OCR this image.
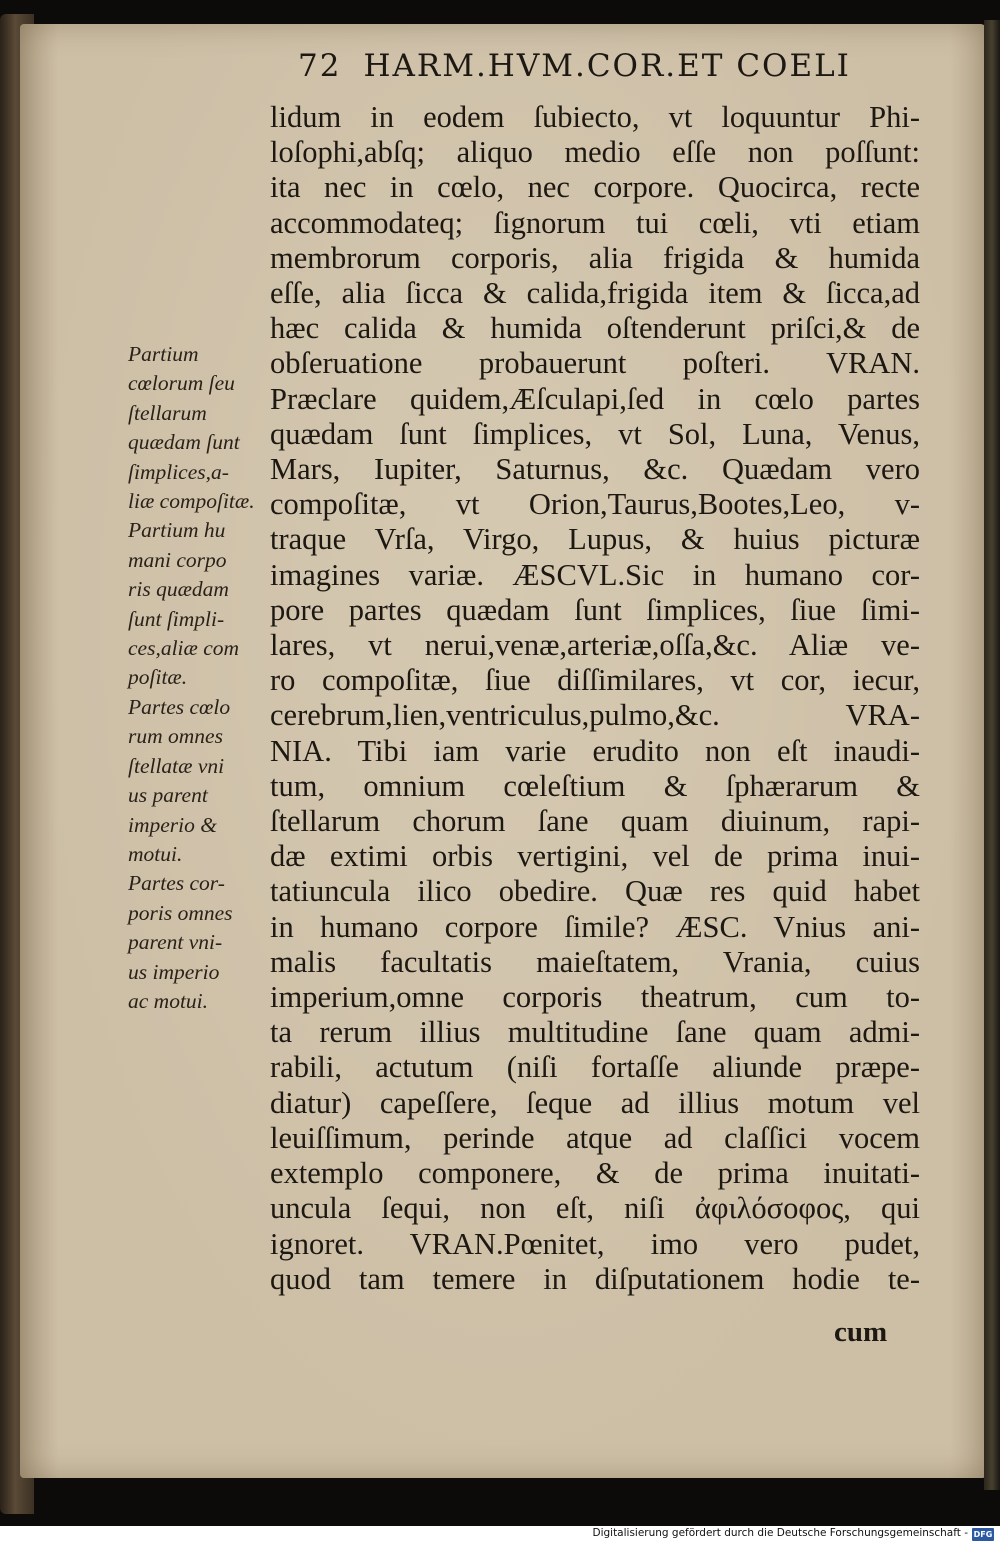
72 HARM.HVM.COR.ET COELI
Partium
cœlorum ſeu
ſtellarum
quædam ſunt
ſimplices,a-
liæ compoſitæ.
Partium hu
mani corpo
ris quædam
ſunt ſimpli-
ces,aliæ com
poſitæ.
Partes cœlo
rum omnes
ſtellatæ vni
us parent
imperio &
motui.
Partes cor-
poris omnes
parent vni-
us imperio
ac motui.
lidum in eodem ſubiecto, vt loquuntur Phi-
loſophi,abſq; aliquo medio eſſe non poſſunt:
ita nec in cœlo, nec corpore. Quocirca, recte
accommodateq; ſignorum tui cœli, vti etiam
membrorum corporis, alia frigida & humida
eſſe, alia ſicca & calida,frigida item & ſicca,ad
hæc calida & humida oſtenderunt priſci,& de
obſeruatione probauerunt poſteri. VRAN.
Præclare quidem,Æſculapi,ſed in cœlo partes
quædam ſunt ſimplices, vt Sol, Luna, Venus,
Mars, Iupiter, Saturnus, &c. Quædam vero
compoſitæ, vt Orion,Taurus,Bootes,Leo, v-
traque Vrſa, Virgo, Lupus, & huius picturæ
imagines variæ. ÆSCVL.Sic in humano cor-
pore partes quædam ſunt ſimplices, ſiue ſimi-
lares, vt nerui,venæ,arteriæ,oſſa,&c. Aliæ ve-
ro compoſitæ, ſiue diſſimilares, vt cor, iecur,
cerebrum,lien,ventriculus,pulmo,&c. VRA-
NIA. Tibi iam varie erudito non eſt inaudi-
tum, omnium cœleſtium & ſphærarum &
ſtellarum chorum ſane quam diuinum, rapi-
dæ extimi orbis vertigini, vel de prima inui-
tatiuncula ilico obedire. Quæ res quid habet
in humano corpore ſimile? ÆSC. Vnius ani-
malis facultatis maieſtatem, Vrania, cuius
imperium,omne corporis theatrum, cum to-
ta rerum illius multitudine ſane quam admi-
rabili, actutum (niſi fortaſſe aliunde præpe-
diatur) capeſſere, ſeque ad illius motum vel
leuiſſimum, perinde atque ad claſſici vocem
extemplo componere, & de prima inuitati-
uncula ſequi, non eſt, niſi ἀφιλόσοφος, qui
ignoret. VRAN.Pœnitet, imo vero pudet,
quod tam temere in diſputationem hodie te-
cum
Digitalisierung gefördert durch die Deutsche Forschungsgemeinschaft - DFG
